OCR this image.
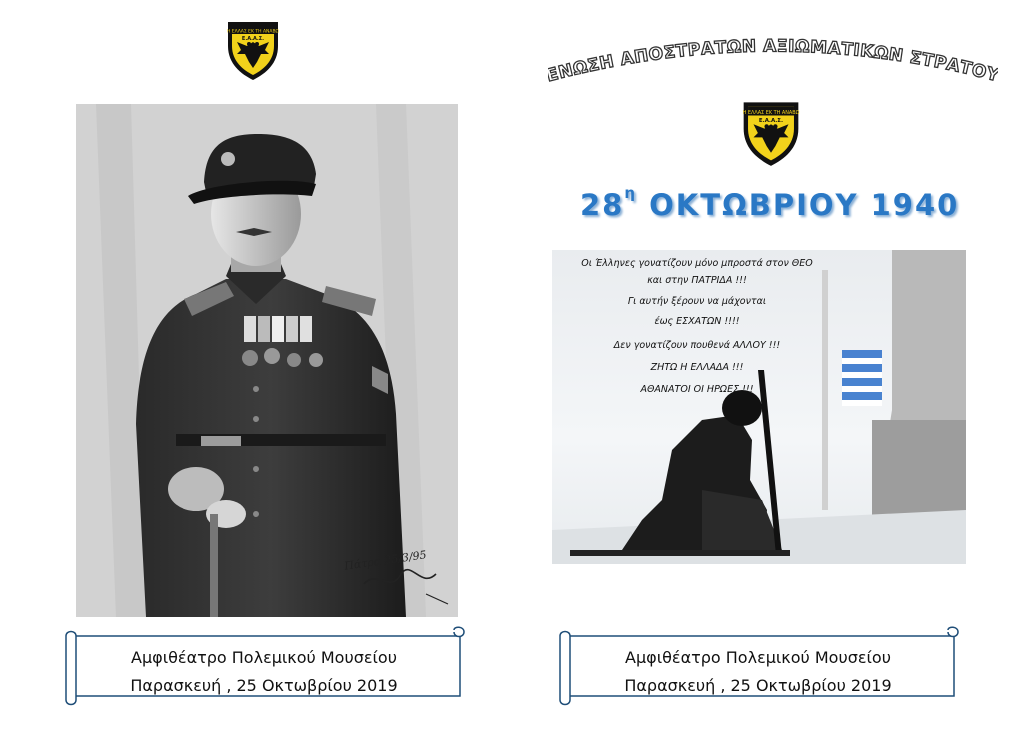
Η ΕΛΛΑΣ ΕΚ ΤΗ ΑΝΑΒΩ
Ε.Α.Α.Σ.
Πάτρα 25/3/95
Αμφιθέατρο Πολεμικού Μουσείου
Παρασκευή , 25 Οκτωβρίου 2019
ΝΩΣΗ ΑΠΟΣΤΡΑΤΩΝ ΑΞΙΩΜΑΤΙΚΩΝ ΣΤΡΑΤΟ
Η ΕΛΛΑΣ ΕΚ ΤΗ ΑΝΑΒΩ
Ε.Α.Α.Σ.
$28^\eta$ ΟΚΤΩΒΡΙΟΥ 1940
Οι Έλληνες γονατίζουν μόνο μπροστά στον ΘΕΟ
και στην ΠΑΤΡΙΔΑ !!!
Γι αυτήν ξέρουν να μάχονται
έως ΕΣΧΑΤΩΝ !!!!
Δεν γονατίζουν πουθενά ΑΛΛΟΥ !!!
ΖΗΤΩ Η ΕΛΛΑΔΑ !!!
ΑΘΑΝΑΤΟΙ ΟΙ ΗΡΩΕΣ !!!
Αμφιθέατρο Πολεμικού Μουσείου
Παρασκευή , 25 Οκτωβρίου 2019
